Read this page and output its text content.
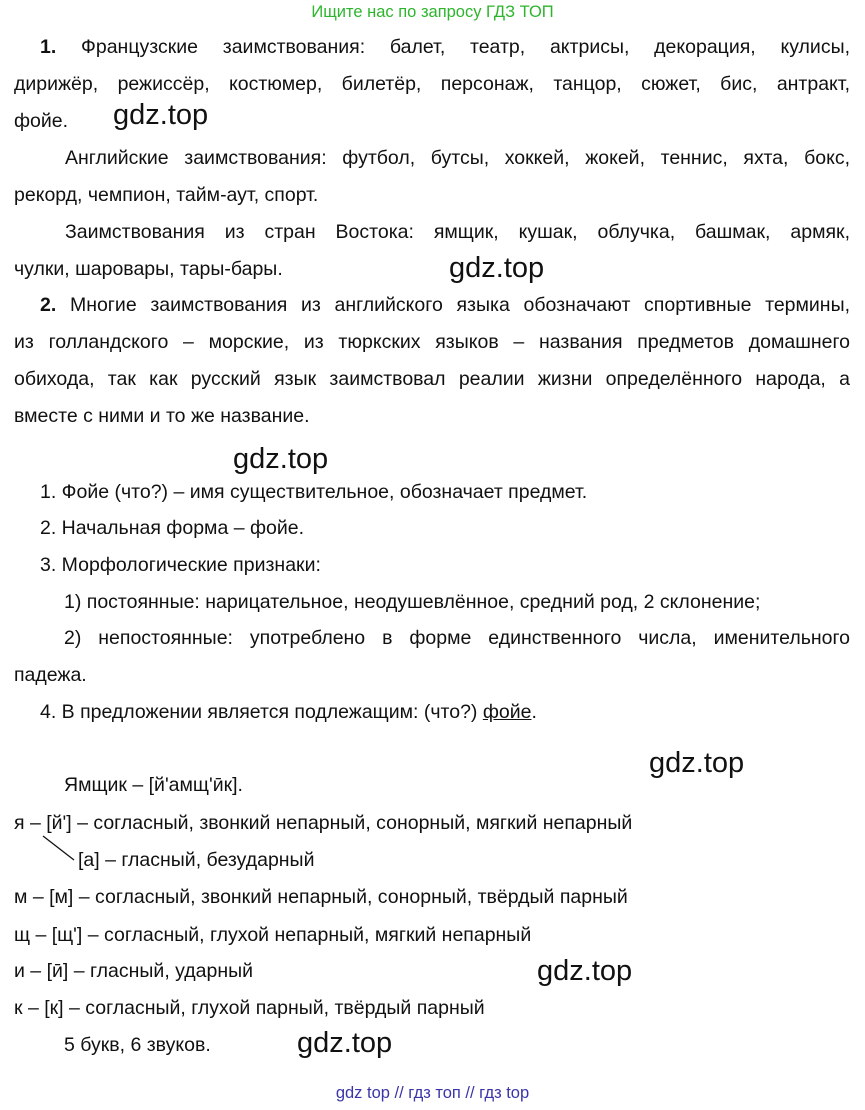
Ищите нас по запросу ГДЗ ТОП
1. Французские заимствования: балет, театр, актрисы, декорация, кулисы,
дирижёр, режиссёр, костюмер, билетёр, персонаж, танцор, сюжет, бис, антракт,
фойе.
Английские заимствования: футбол, бутсы, хоккей, жокей, теннис, яхта, бокс,
рекорд, чемпион, тайм-аут, спорт.
Заимствования из стран Востока: ямщик, кушак, облучка, башмак, армяк,
чулки, шаровары, тары-бары.
2. Многие заимствования из английского языка обозначают спортивные термины,
из голландского – морские, из тюркских языков – названия предметов домашнего
обихода, так как русский язык заимствовал реалии жизни определённого народа, а
вместе с ними и то же название.
1. Фойе (что?) – имя существительное, обозначает предмет.
2. Начальная форма – фойе.
3. Морфологические признаки:
1) постоянные: нарицательное, неодушевлённое, средний род, 2 склонение;
2) непостоянные: употреблено в форме единственного числа, именительного
падежа.
4. В предложении является подлежащим: (что?) фойе.
Ямщик – [й'амщ'ӣк].
я – [й'] – согласный, звонкий непарный, сонорный, мягкий непарный
[а] – гласный, безударный
м – [м] – согласный, звонкий непарный, сонорный, твёрдый парный
щ – [щ'] – согласный, глухой непарный, мягкий непарный
и – [ӣ] – гласный, ударный
к – [к] – согласный, глухой парный, твёрдый парный
5 букв, 6 звуков.
gdz.top
gdz.top
gdz.top
gdz.top
gdz.top
gdz.top
gdz top // гдз топ // гдз top
